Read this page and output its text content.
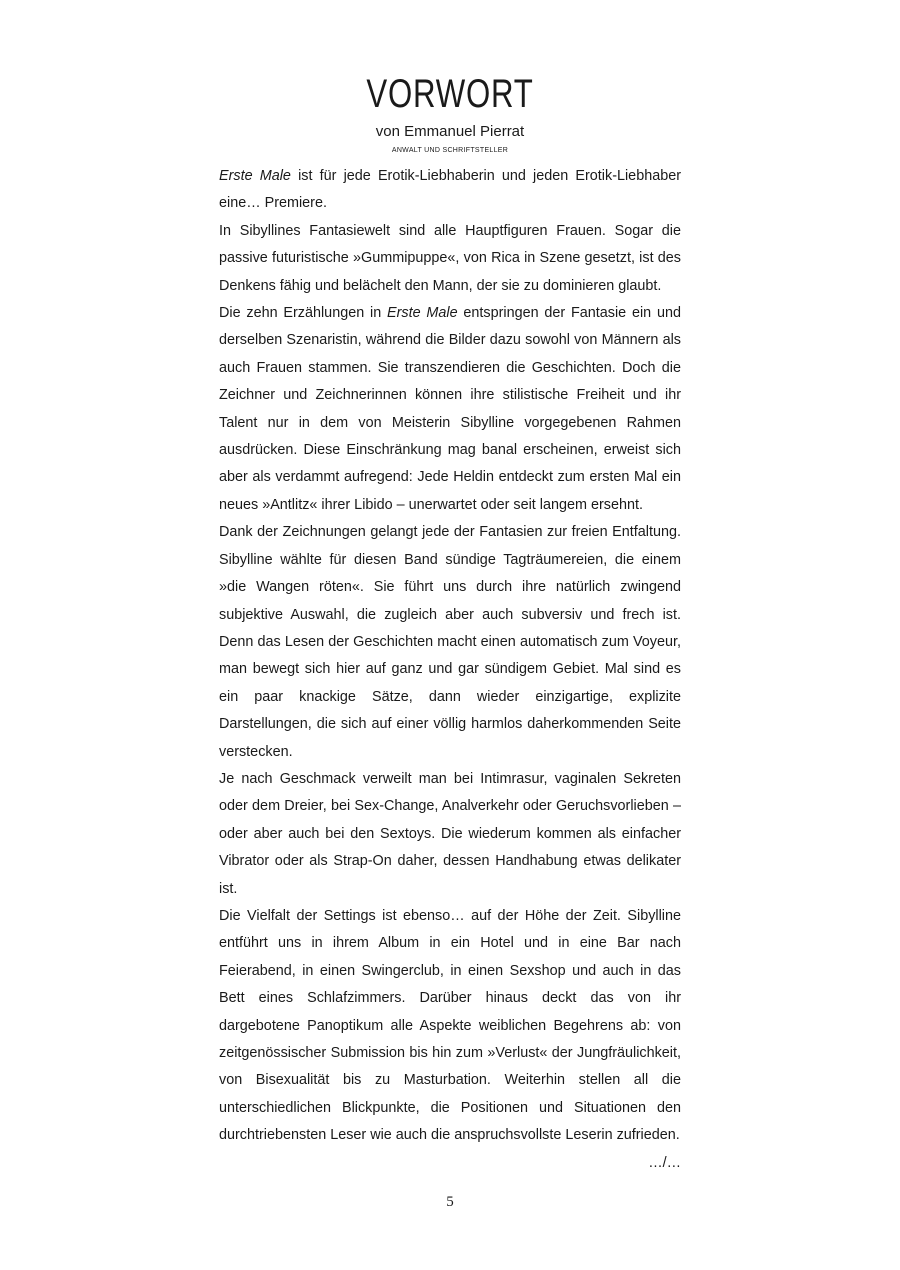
VORWORT

von Emmanuel Pierrat

ANWALT UND SCHRIFTSTELLER

Erste Male ist für jede Erotik-Liebhaberin und jeden Erotik-Liebhaber eine… Premiere.

In Sibyllines Fantasiewelt sind alle Hauptfiguren Frauen. Sogar die passive futuristische »Gummipuppe«, von Rica in Szene gesetzt, ist des Denkens fähig und belächelt den Mann, der sie zu dominieren glaubt.

Die zehn Erzählungen in Erste Male entspringen der Fantasie ein und derselben Szenaristin, während die Bilder dazu sowohl von Männern als auch Frauen stammen. Sie transzendieren die Geschichten. Doch die Zeichner und Zeichnerinnen können ihre stilistische Freiheit und ihr Talent nur in dem von Meisterin Sibylline vorgegebenen Rahmen ausdrücken. Diese Einschränkung mag banal erscheinen, erweist sich aber als verdammt aufregend: Jede Heldin entdeckt zum ersten Mal ein neues »Antlitz« ihrer Libido – unerwartet oder seit langem ersehnt.

Dank der Zeichnungen gelangt jede der Fantasien zur freien Entfaltung. Sibylline wählte für diesen Band sündige Tagträumereien, die einem »die Wangen röten«. Sie führt uns durch ihre natürlich zwingend subjektive Auswahl, die zugleich aber auch subversiv und frech ist. Denn das Lesen der Geschichten macht einen automatisch zum Voyeur, man bewegt sich hier auf ganz und gar sündigem Gebiet. Mal sind es ein paar knackige Sätze, dann wieder einzigartige, explizite Darstellungen, die sich auf einer völlig harmlos daherkommenden Seite verstecken.

Je nach Geschmack verweilt man bei Intimrasur, vaginalen Sekreten oder dem Dreier, bei Sex-Change, Analverkehr oder Geruchsvorlieben – oder aber auch bei den Sextoys. Die wiederum kommen als einfacher Vibrator oder als Strap-On daher, dessen Handhabung etwas delikater ist.

Die Vielfalt der Settings ist ebenso… auf der Höhe der Zeit. Sibylline entführt uns in ihrem Album in ein Hotel und in eine Bar nach Feierabend, in einen Swingerclub, in einen Sexshop und auch in das Bett eines Schlafzimmers. Darüber hinaus deckt das von ihr dargebotene Panoptikum alle Aspekte weiblichen Begehrens ab: von zeitgenössischer Submission bis hin zum »Verlust« der Jungfräulichkeit, von Bisexualität bis zu Masturbation. Weiterhin stellen all die unterschiedlichen Blickpunkte, die Positionen und Situationen den durchtriebensten Leser wie auch die anspruchsvollste Leserin zufrieden.

…/…

5
